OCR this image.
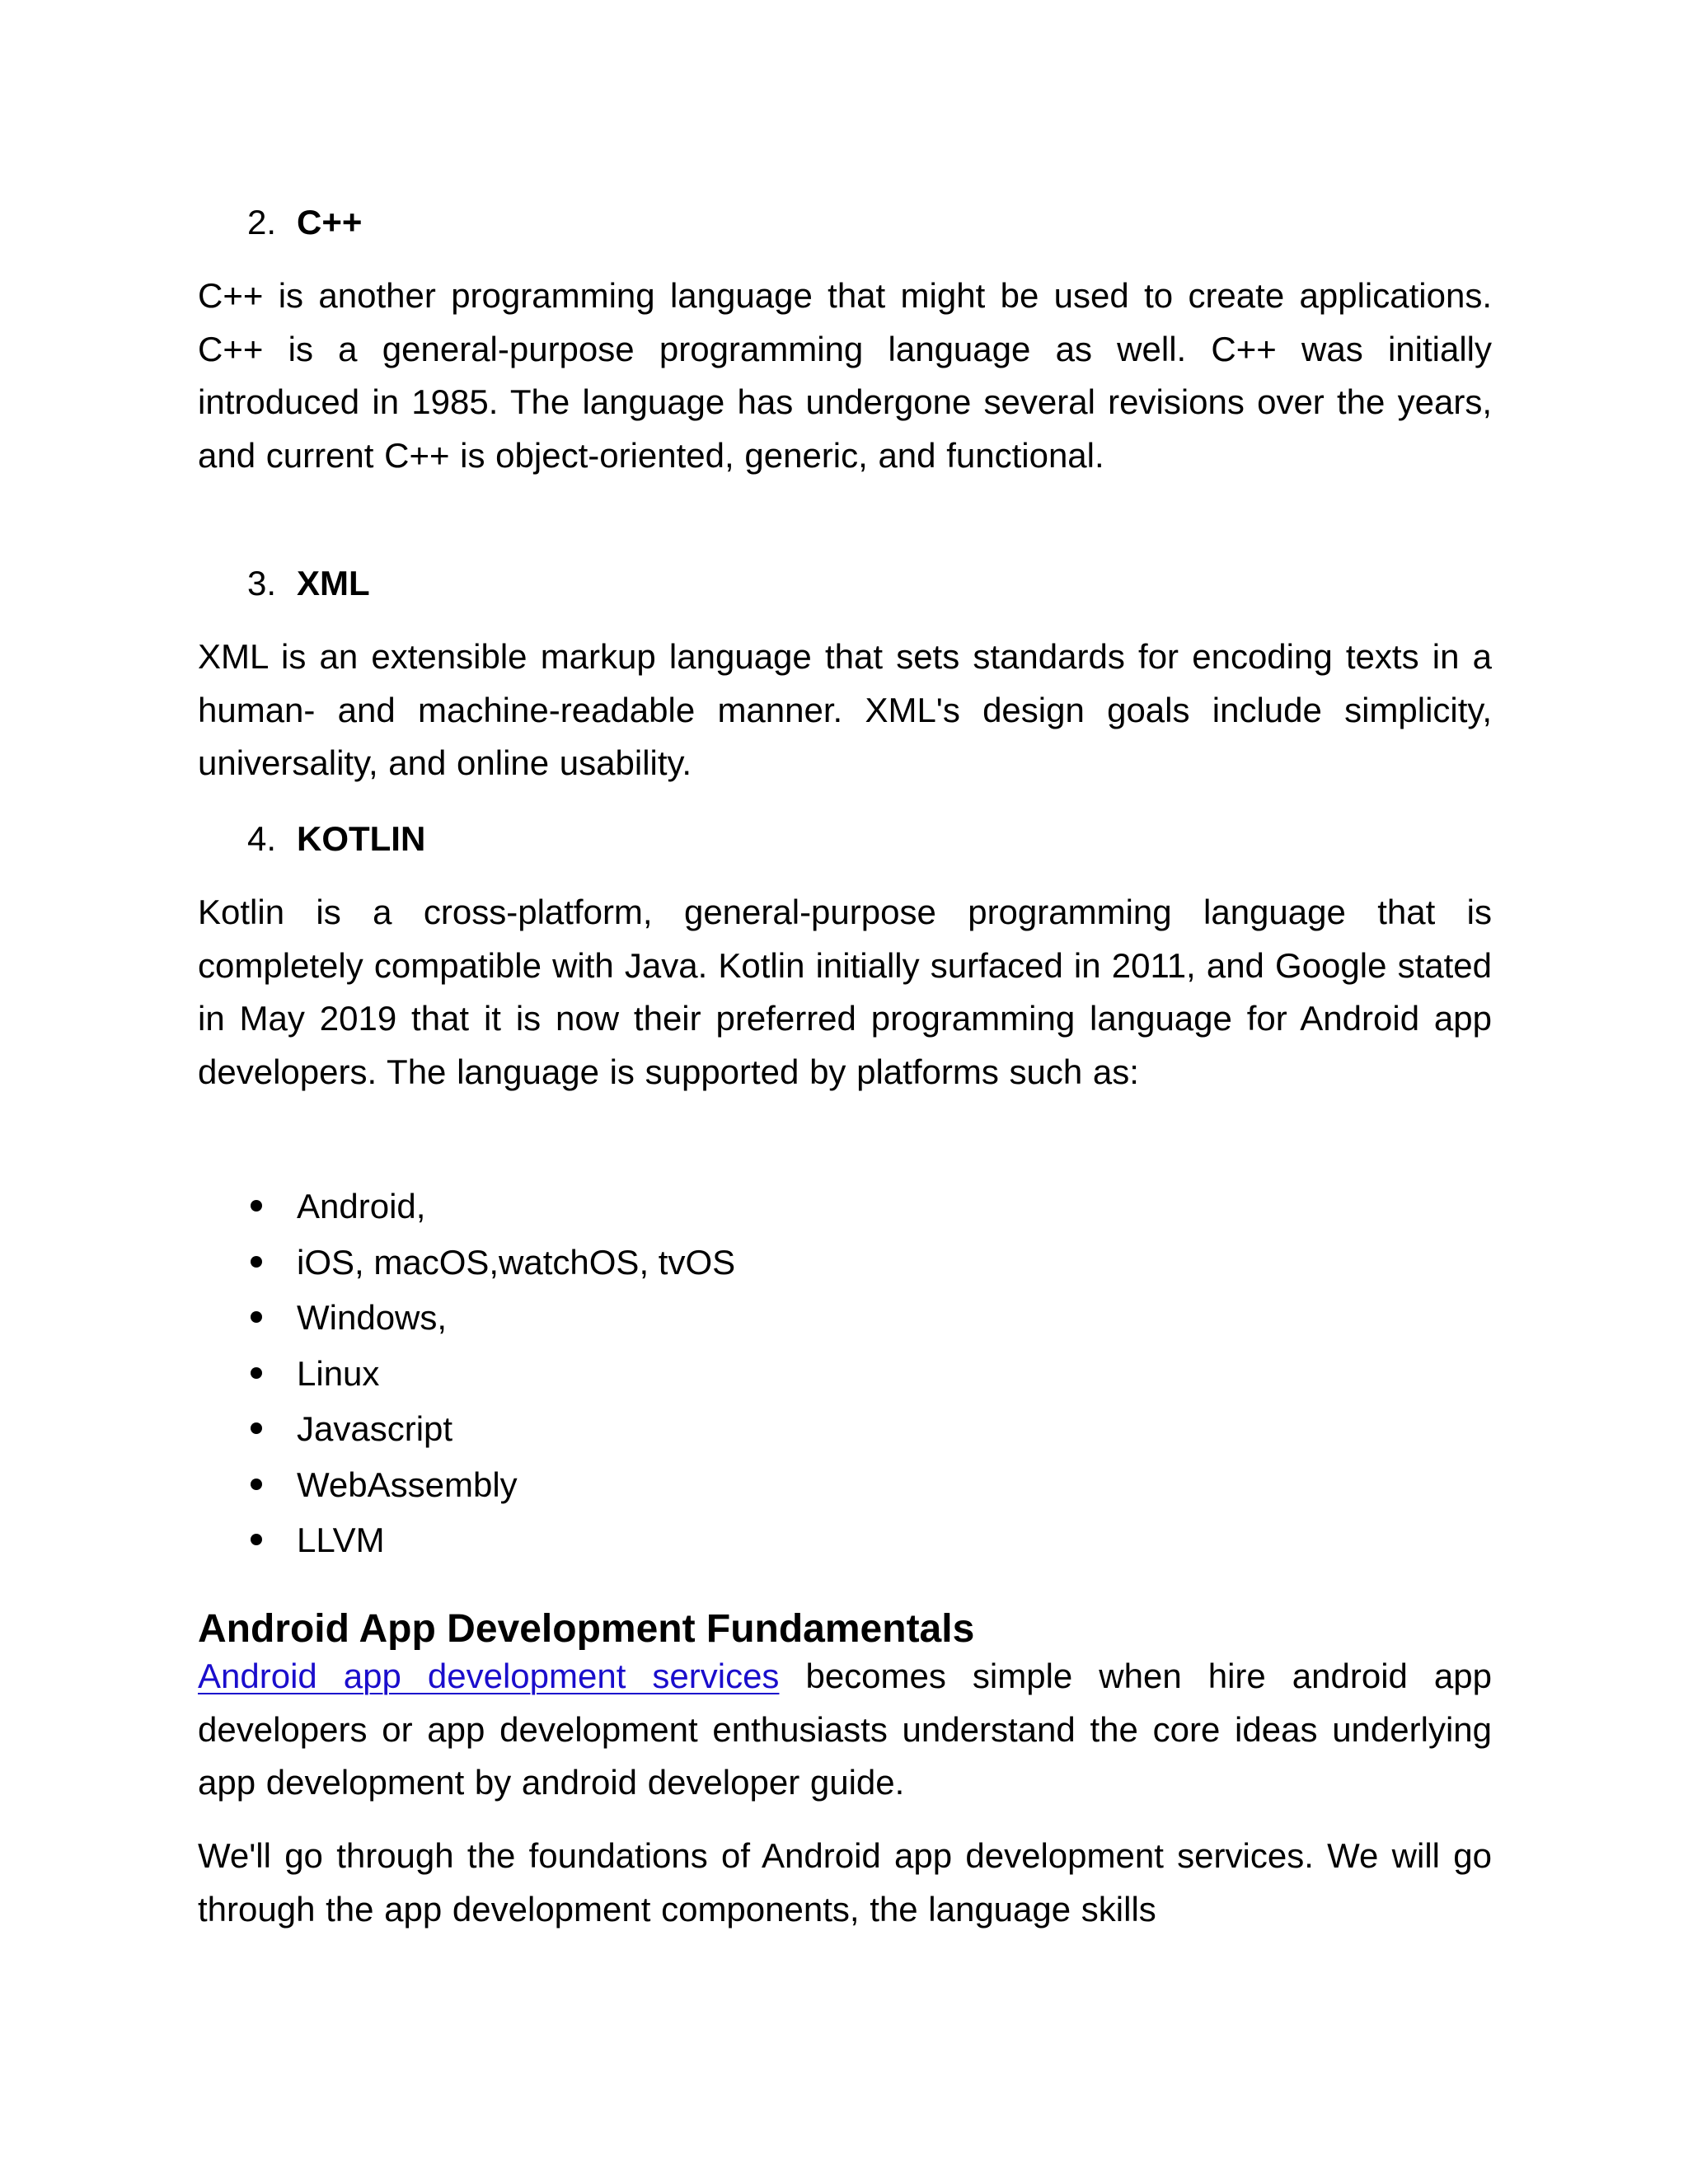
2. C++

C++ is another programming language that might be used to create applications. C++ is a general-purpose programming language as well. C++ was initially introduced in 1985. The language has undergone several revisions over the years, and current C++ is object-oriented, generic, and functional.

3. XML

XML is an extensible markup language that sets standards for encoding texts in a human- and machine-readable manner. XML's design goals include simplicity, universality, and online usability.

4. KOTLIN

Kotlin is a cross-platform, general-purpose programming language that is completely compatible with Java. Kotlin initially surfaced in 2011, and Google stated in May 2019 that it is now their preferred programming language for Android app developers. The language is supported by platforms such as:

Android,
iOS, macOS,watchOS, tvOS
Windows,
Linux
Javascript
WebAssembly
LLVM
Android App Development Fundamentals

Android app development services becomes simple when hire android app developers or app development enthusiasts understand the core ideas underlying app development by android developer guide.

We'll go through the foundations of Android app development services. We will go through the app development components, the language skills
